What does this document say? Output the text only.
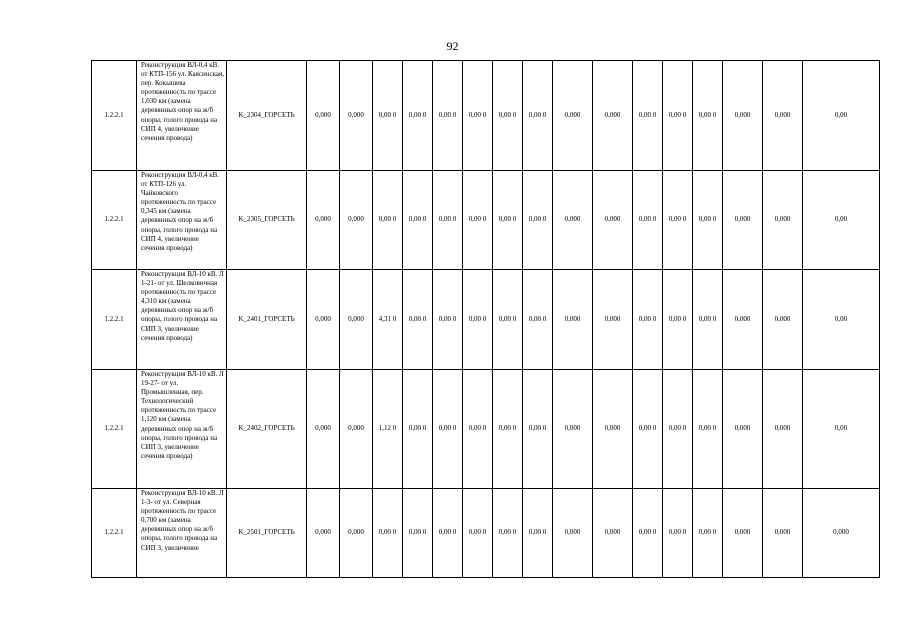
92
1.2.2.1	Реконструкция ВЛ-0,4 кВ. от КТП-156 ул. Каясинская, пер. Кокышева протяженность по трассе 1,030 км (замена деревянных опор на ж/б опоры, голого провода на СИП 4, увеличение сечения провода)	K_2304_ГОРСЕТЬ	0,000	0,000	0,00 0	0,00 0	0,00 0	0,00 0	0,00 0	0,00 0	0,000	0,000	0,00 0	0,00 0	0,00 0	0,000	0,000	0,00
1.2.2.1	Реконструкция ВЛ-0,4 кВ. от КТП-126 ул. Чайковского протяженность по трассе 0,345 км (замена деревянных опор на ж/б опоры, голого провода на СИП 4, увеличение сечения провода)	K_2305_ГОРСЕТЬ	0,000	0,000	0,00 0	0,00 0	0,00 0	0,00 0	0,00 0	0,00 0	0,000	0,000	0,00 0	0,00 0	0,00 0	0,000	0,000	0,00
1.2.2.1	Реконструкция ВЛ-10 кВ. Л 1-21- от ул. Шелковичная протяженность по трассе 4,310 км (замена деревянных опор на ж/б опоры, голого провода на СИП 3, увеличение сечения провода)	K_2401_ГОРСЕТЬ	0,000	0,000	4,31 0	0,00 0	0,00 0	0,00 0	0,00 0	0,00 0	0,000	0,000	0,00 0	0,00 0	0,00 0	0,000	0,000	0,00
1.2.2.1	Реконструкция ВЛ-10 кВ. Л 19-27- от ул. Промышленная, пер. Технологический протяженность по трассе 1,120 км (замена деревянных опор на ж/б опоры, голого провода на СИП 3, увеличение сечения провода)	K_2402_ГОРСЕТЬ	0,000	0,000	1,12 0	0,00 0	0,00 0	0,00 0	0,00 0	0,00 0	0,000	0,000	0,00 0	0,00 0	0,00 0	0,000	0,000	0,00
1.2.2.1	Реконструкция ВЛ-10 кВ. Л 1-3- от ул. Северная протяженность по трассе 0,700 км (замена деревянных опор на ж/б опоры, голого провода на СИП 3, увеличение	K_2501_ГОРСЕТЬ	0,000	0,000	0,00 0	0,00 0	0,00 0	0,00 0	0,00 0	0,00 0	0,000	0,000	0,00 0	0,00 0	0,00 0	0,000	0,000	0,000
